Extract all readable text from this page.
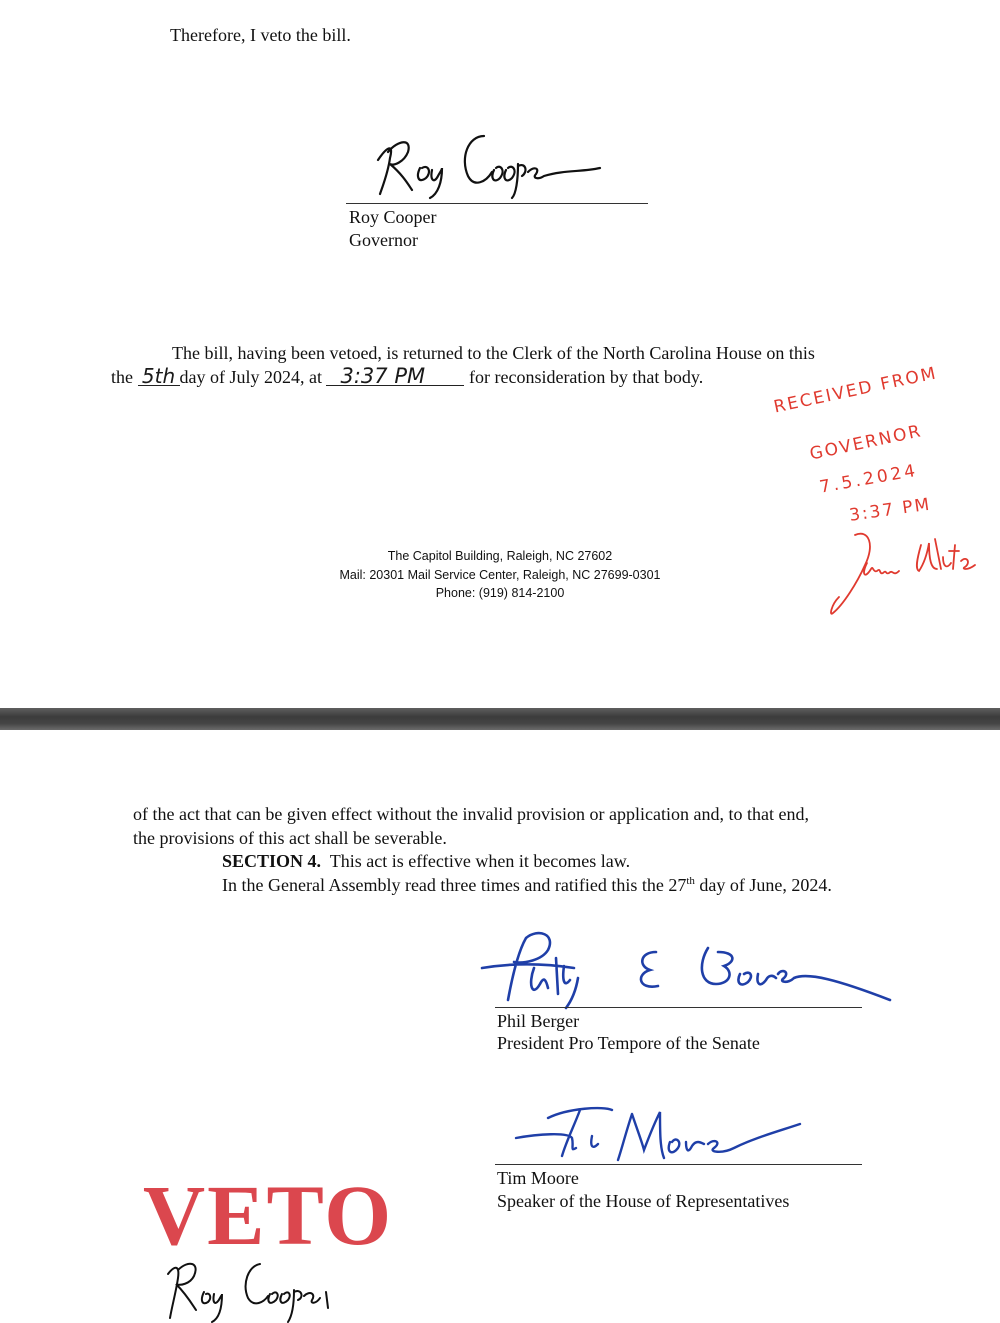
Therefore, I veto the bill.
Roy Cooper
Governor
The bill, having been vetoed, is returned to the Clerk of the North Carolina House on this
the 5th day of July 2024, at 3:37 PM for reconsideration by that body.	RECEIVED FROM
GOVERNOR
7.5.2024
3:37 PM
The Capitol Building, Raleigh, NC 27602
Mail: 20301 Mail Service Center, Raleigh, NC 27699-0301
Phone: (919) 814-2100
of the act that can be given effect without the invalid provision or application and, to that end,
the provisions of this act shall be severable.
SECTION 4. This act is effective when it becomes law.
In the General Assembly read three times and ratified this the 27th day of June, 2024.
Phil Berger
President Pro Tempore of the Senate
Tim Moore
Speaker of the House of Representatives
VETO
